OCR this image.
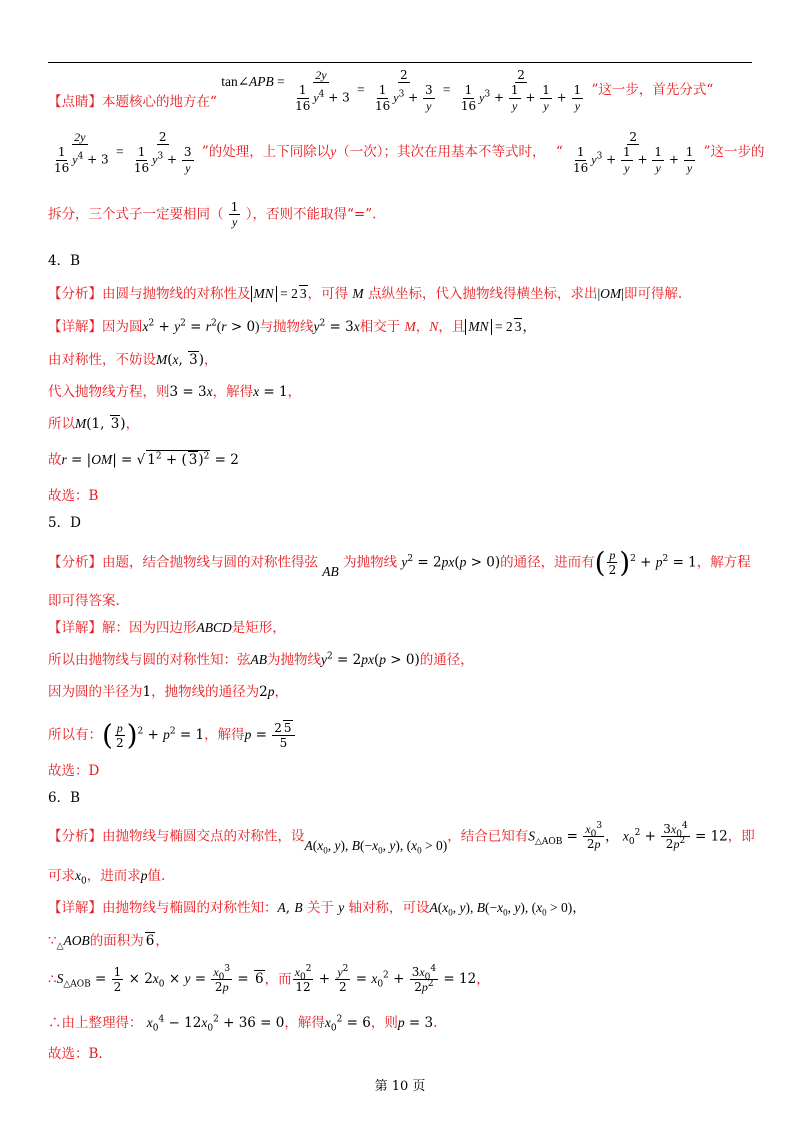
【点睛】本题核心的地方在“ tan∠APB = $\frac{2y}{\frac{1}{16} y^4 + 3} = \frac{2}{\frac{1}{16} y^3 + \frac{3}{y}} = \frac{2}{\frac{1}{16} y^3 + \frac{1}{y} + \frac{1}{y} + \frac{1}{y}}$ ”这一步，首先分式“
$\frac{2y}{\frac{1}{16} y^4 + 3} = \frac{2}{\frac{1}{16} y^3 + \frac{3}{y}}$ ”的处理，上下同除以y（一次）；其次在用基本不等式时， “ $\frac{2}{\frac{1}{16} y^3 + \frac{1}{y} + \frac{1}{y} + \frac{1}{y}}$ ”这一步的
拆分，三个式子一定要相同（ $\frac{1}{y}$ ），否则不能取得“=”.
4．B
【分析】由圆与抛物线的对称性及 MN = 2 3，可得 M 点纵坐标，代入抛物线得横坐标，求出|OM|即可得解.
【详解】因为圆$x^2 + y^2 = r^2(r > 0)$与抛物线$y^2 = 3x$相交于 M，N，且 MN = 2 3，
由对称性，不妨设M(x, 3)，
代入抛物线方程，则3 = 3x，解得x = 1，
所以M(1, 3)，
故r = |OM| = √ $1^2$ + ( 3)$^2$ = 2
故选：B
5．D
【分析】由题，结合抛物线与圆的对称性得弦 AB 为抛物线 $y^2 = 2px(p > 0)$的通径，进而有( $\frac{p}{2} )^2 + p^2 = 1$，解方程
即可得答案.
【详解】解：因为四边形ABCD是矩形，
所以由抛物线与圆的对称性知：弦AB为抛物线$y^2 = 2px(p > 0)$的通径，
因为圆的半径为1，抛物线的通径为2p，
所以有：( $\frac{p}{2} )^2 + p^2 = 1$，解得$p = \frac{2 5}{5}$
故选：D
6．B
【分析】由抛物线与椭圆交点的对称性，设$A(x_0$, y), $B(-x_0$, y), $(x_0 > 0)$，结合已知有$S_{\triangle AOB} = \frac{x_0^3}{2p}$ ， $x_0^2 + \frac{3x_0^4}{2p^2} = 12$，即
可求$x_0$，进而求p值.
【详解】由抛物线与椭圆的对称性知：A, B 关于 y 轴对称，可设$A(x_0$, y), $B(-x_0$, y), $(x_0 > 0)$，
$\because_\triangle AOB$的面积为 6，
$\therefore S_{\triangle AOB} = \frac{1}{2} \times 2x_0 \times y = \frac{x_0^3}{2p} = 6$，而 $\frac{x_0^2}{12} + \frac{y^2}{2} = x_0^2 + \frac{3x_0^4}{2p^2} = 12$，
∴由上整理得： $x_0^4 - 12x_0^2 + 36 = 0$，解得$x_0^2 = 6$，则p = 3.
故选：B.
第 10 页
